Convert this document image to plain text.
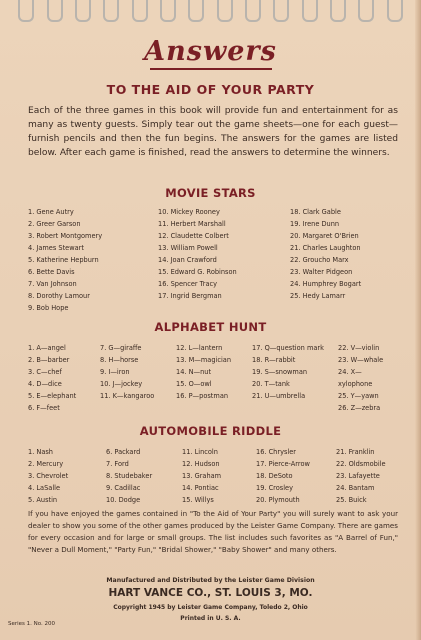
Answers
TO THE AID OF YOUR PARTY
Each of the three games in this book will provide fun and entertainment for as many as twenty guests. Simply tear out the game sheets—one for each guest—furnish pencils and then the fun begins. The answers for the games are listed below. After each game is finished, read the answers to determine the winners.
MOVIE STARS
1. Gene Autry
2. Greer Garson
3. Robert Montgomery
4. James Stewart
5. Katherine Hepburn
6. Bette Davis
7. Van Johnson
8. Dorothy Lamour
9. Bob Hope
10. Mickey Rooney
11. Herbert Marshall
12. Claudette Colbert
13. William Powell
14. Joan Crawford
15. Edward G. Robinson
16. Spencer Tracy
17. Ingrid Bergman
18. Clark Gable
19. Irene Dunn
20. Margaret O'Brien
21. Charles Laughton
22. Groucho Marx
23. Walter Pidgeon
24. Humphrey Bogart
25. Hedy Lamarr
ALPHABET HUNT
1. A—angel
2. B—barber
3. C—chef
4. D—dice
5. E—elephant
6. F—feet
7. G—giraffe
8. H—horse
9. I—iron
10. J—jockey
11. K—kangaroo
12. L—lantern
13. M—magician
14. N—nut
15. O—owl
16. P—postman
17. Q—question mark
18. R—rabbit
19. S—snowman
20. T—tank
21. U—umbrella
22. V—violin
23. W—whale
24. X—xylophone
25. Y—yawn
26. Z—zebra
AUTOMOBILE RIDDLE
1. Nash
2. Mercury
3. Chevrolet
4. LaSalle
5. Austin
6. Packard
7. Ford
8. Studebaker
9. Cadillac
10. Dodge
11. Lincoln
12. Hudson
13. Graham
14. Pontiac
15. Willys
16. Chrysler
17. Pierce-Arrow
18. DeSoto
19. Crosley
20. Plymouth
21. Franklin
22. Oldsmobile
23. Lafayette
24. Bantam
25. Buick
If you have enjoyed the games contained in "To the Aid of Your Party" you will surely want to ask your dealer to show you some of the other games produced by the Leister Game Company. There are games for every occasion and for large or small groups. The list includes such favorites as "A Barrel of Fun," "Never a Dull Moment," "Party Fun," "Bridal Shower," "Baby Shower" and many others.
Manufactured and Distributed by the Leister Game Division
HART VANCE CO., ST. LOUIS 3, MO.
Copyright 1945 by Leister Game Company, Toledo 2, Ohio
Printed in U. S. A.
Series 1. No. 200
